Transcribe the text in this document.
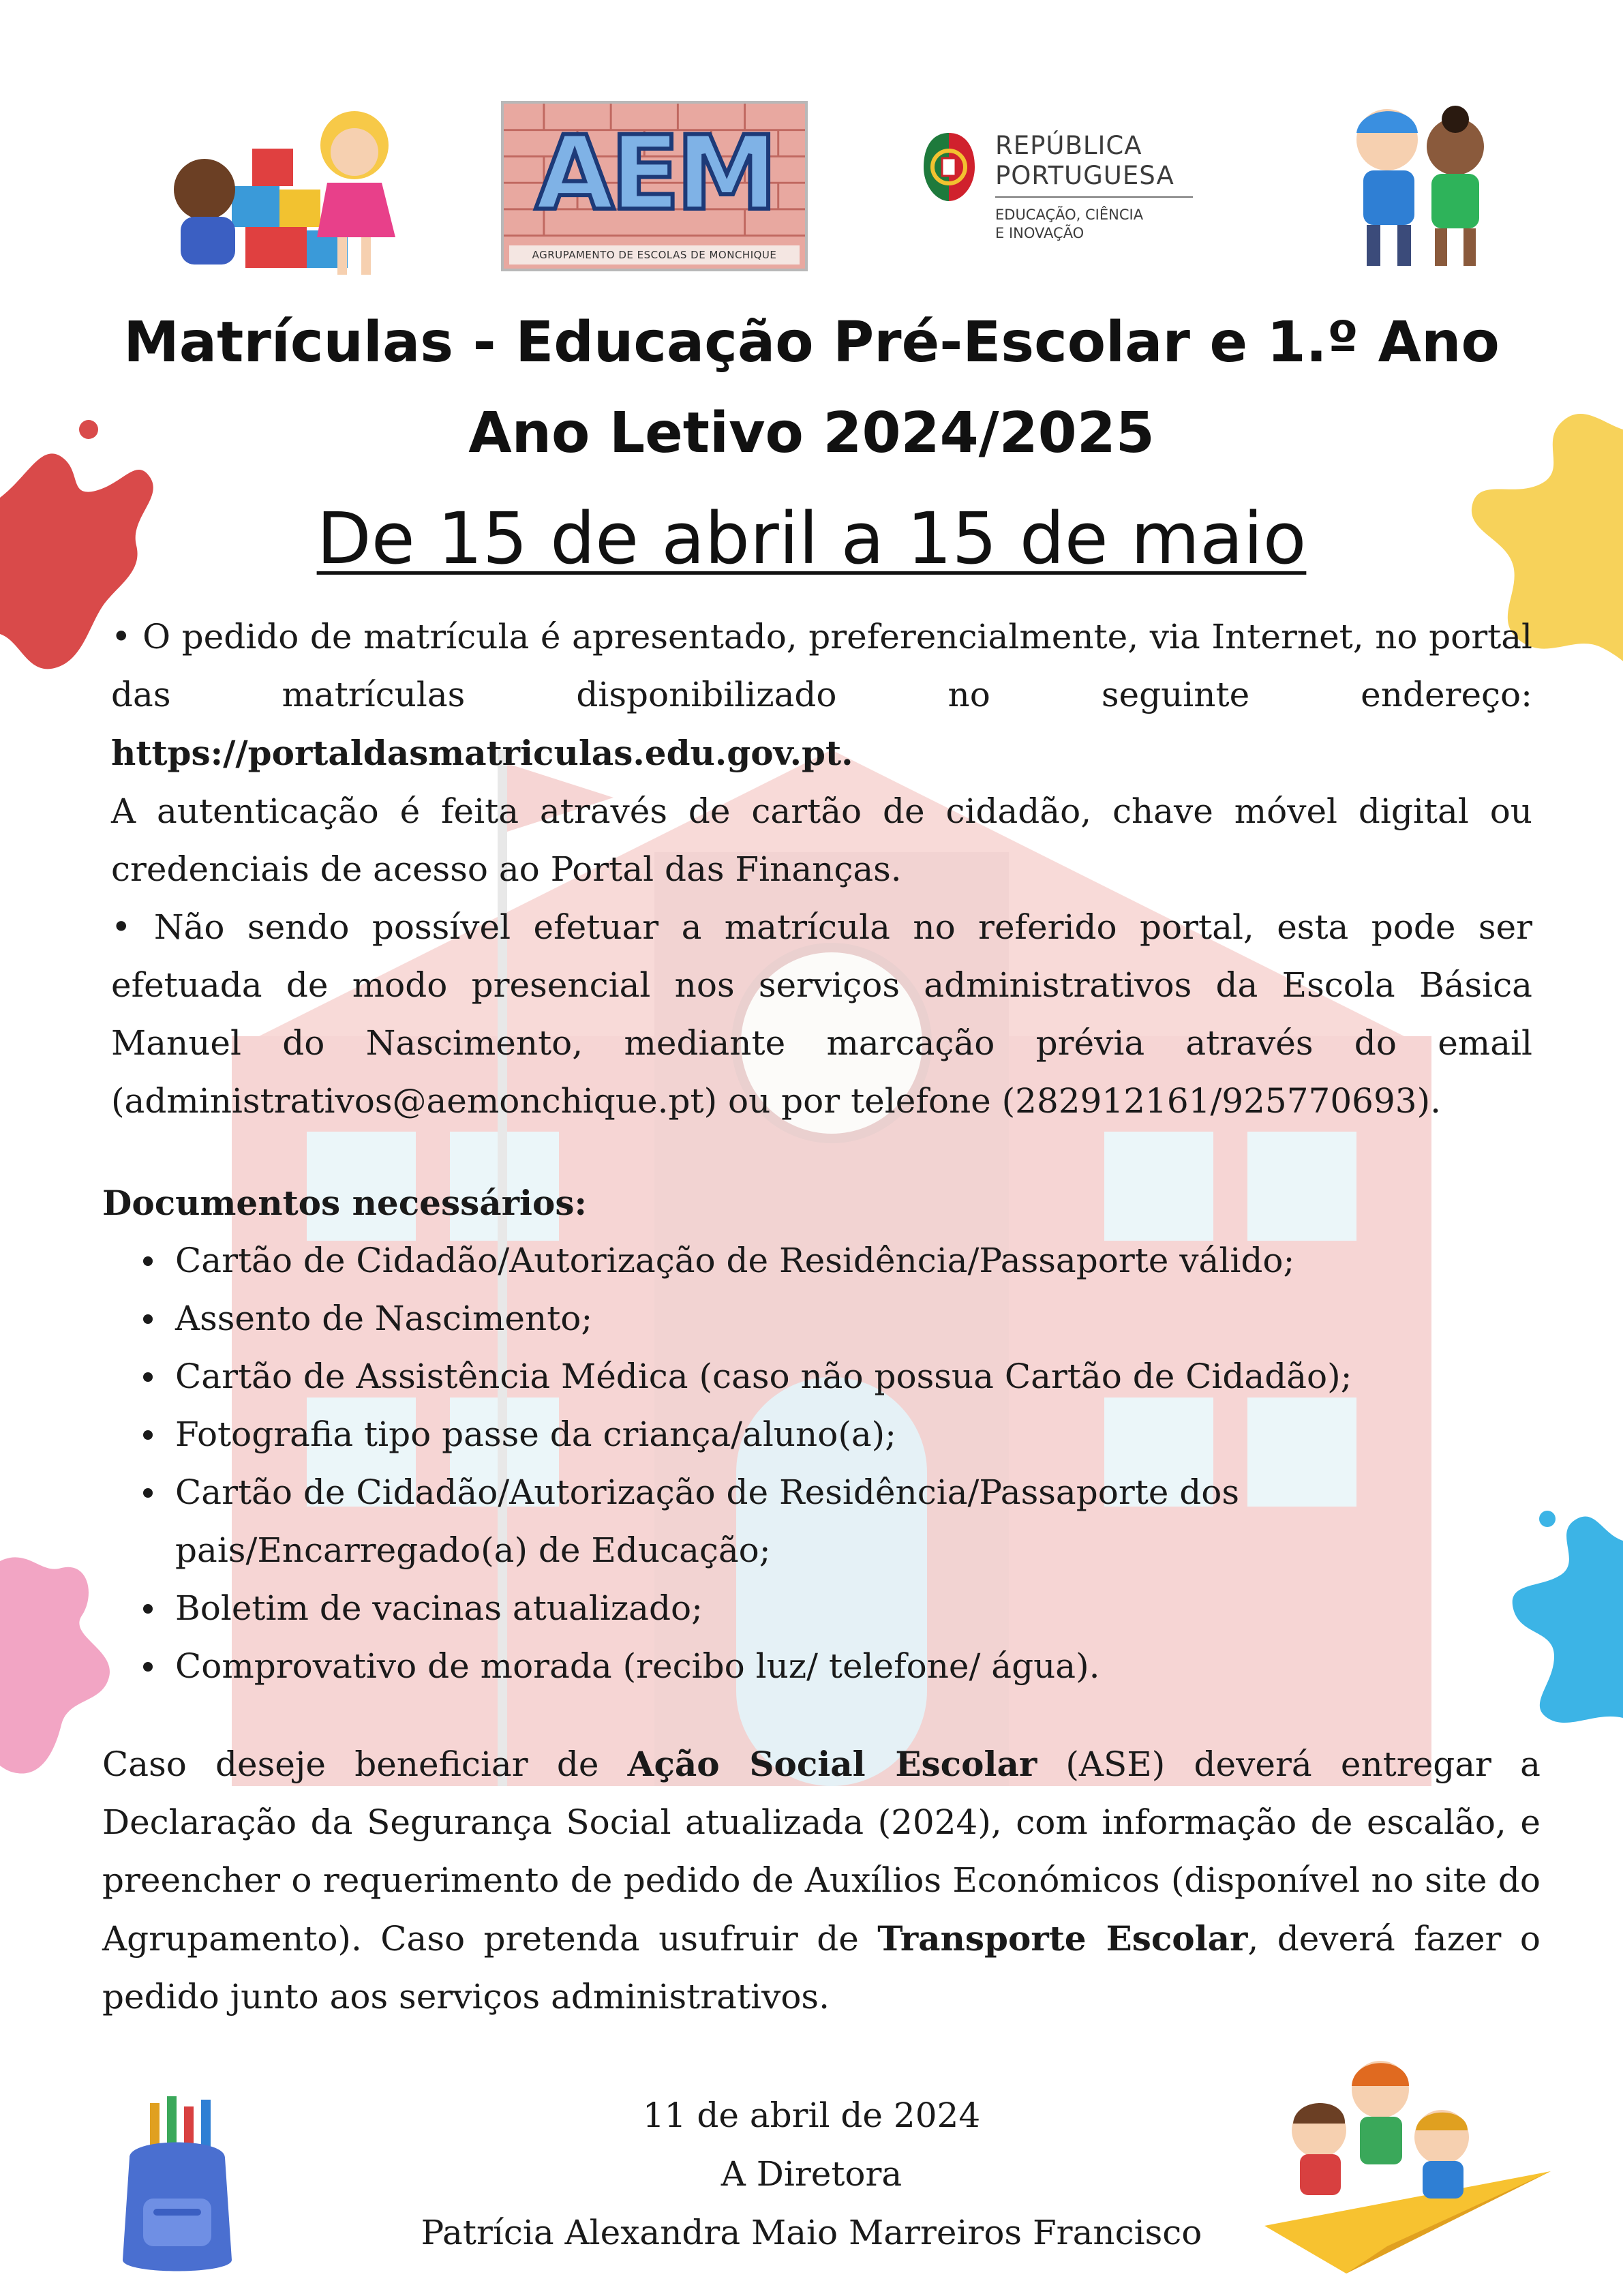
AEM
AGRUPAMENTO DE ESCOLAS DE MONCHIQUE
REPÚBLICA
PORTUGUESA
EDUCAÇÃO, CIÊNCIA
E INOVAÇÃO
Matrículas - Educação Pré-Escolar e 1.º Ano
Ano Letivo 2024/2025
De 15 de abril a 15 de maio

• O pedido de matrícula é apresentado, preferencialmente, via Internet, no portal das matrículas disponibilizado no seguinte endereço: https://portaldasmatriculas.edu.gov.pt.

A autenticação é feita através de cartão de cidadão, chave móvel digital ou credenciais de acesso ao Portal das Finanças.

• Não sendo possível efetuar a matrícula no referido portal, esta pode ser efetuada de modo presencial nos serviços administrativos da Escola Básica Manuel do Nascimento, mediante marcação prévia através do email (administrativos@aemonchique.pt) ou por telefone (282912161/925770693).

Documentos necessários:
Cartão de Cidadão/Autorização de Residência/Passaporte válido;
Assento de Nascimento;
Cartão de Assistência Médica (caso não possua Cartão de Cidadão);
Fotografia tipo passe da criança/aluno(a);
Cartão de Cidadão/Autorização de Residência/Passaporte dos pais/Encarregado(a) de Educação;
Boletim de vacinas atualizado;
Comprovativo de morada (recibo luz/ telefone/ água).

Caso deseje beneficiar de Ação Social Escolar (ASE) deverá entregar a Declaração da Segurança Social atualizada (2024), com informação de escalão, e preencher o requerimento de pedido de Auxílios Económicos (disponível no site do Agrupamento). Caso pretenda usufruir de Transporte Escolar, deverá fazer o pedido junto aos serviços administrativos.

11 de abril de 2024
A Diretora
Patrícia Alexandra Maio Marreiros Francisco
